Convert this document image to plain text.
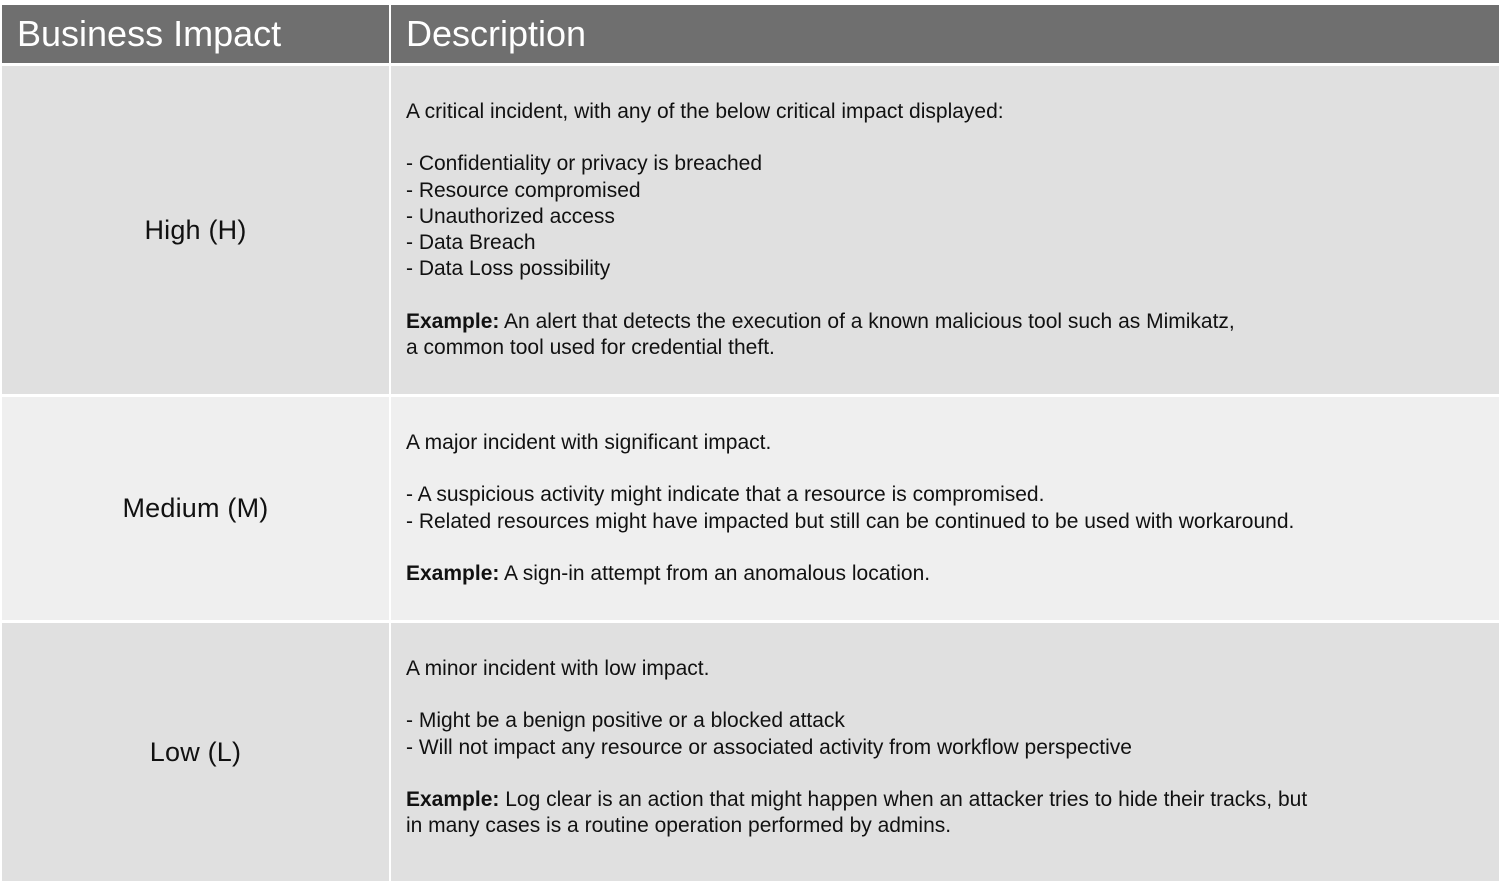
Business Impact	Description
High (H)

A critical incident, with any of the below critical impact displayed:

- Confidentiality or privacy is breached

- Resource compromised

- Unauthorized access

- Data Breach

- Data Loss possibility

Example: An alert that detects the execution of a known malicious tool such as Mimikatz,

a common tool used for credential theft.

Medium (M)

A major incident with significant impact.

- A suspicious activity might indicate that a resource is compromised.

- Related resources might have impacted but still can be continued to be used with workaround.

Example: A sign-in attempt from an anomalous location.

Low (L)

A minor incident with low impact.

- Might be a benign positive or a blocked attack

- Will not impact any resource or associated activity from workflow perspective

Example: Log clear is an action that might happen when an attacker tries to hide their tracks, but

in many cases is a routine operation performed by admins.
